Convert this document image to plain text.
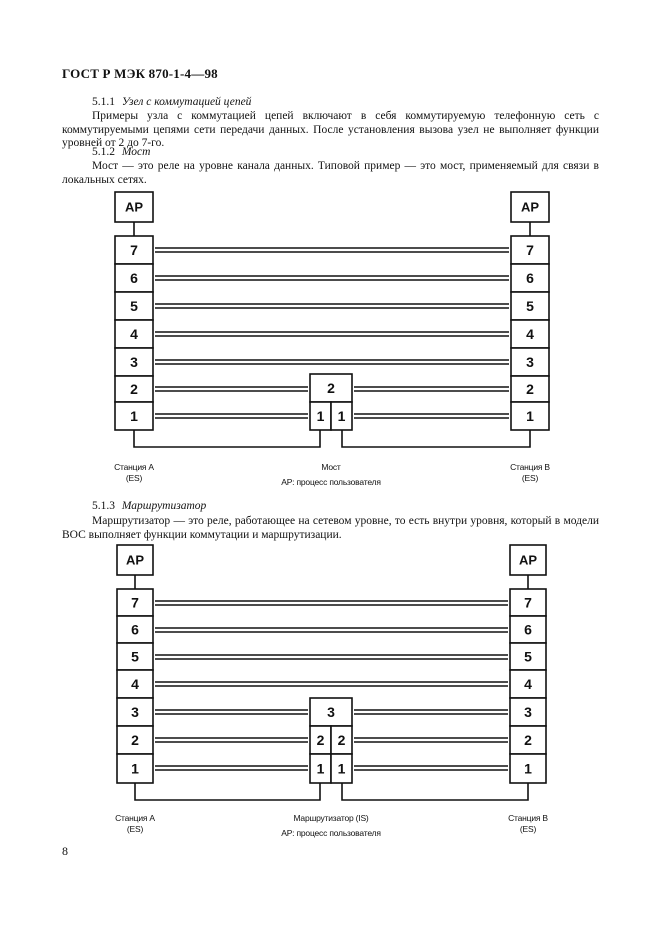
ГОСТ Р МЭК 870-1-4—98
5.1.1 Узел с коммутацией цепей
Примеры узла с коммутацией цепей включают в себя коммутируемую телефонную сеть с коммутируемыми цепями сети передачи данных. После установления вызова узел не выполняет функции уровней от 2 до 7-го.
5.1.2 Мост
Мост — это реле на уровне канала данных. Типовой пример — это мост, применяемый для связи в локальных сетях.
5.1.3 Маршрутизатор
Маршрутизатор — это реле, работающее на сетевом уровне, то есть внутри уровня, который в модели ВОС выполняет функции коммутации и маршрутизации.
AP	AP
7
6
5
4
3
2
1
7
6
5
4
3
2
1
2
1 1
Станция А
(ES)
Мост
AP: процесс пользователя
Станция В
(ES)
AP	AP
7
6
5
4
3
2
1
7
6
5
4
3
2
1
3
2 2
1 1
Станция А
(ES)
Маршрутизатор (IS)
AP: процесс пользователя
Станция В
(ES)
8
